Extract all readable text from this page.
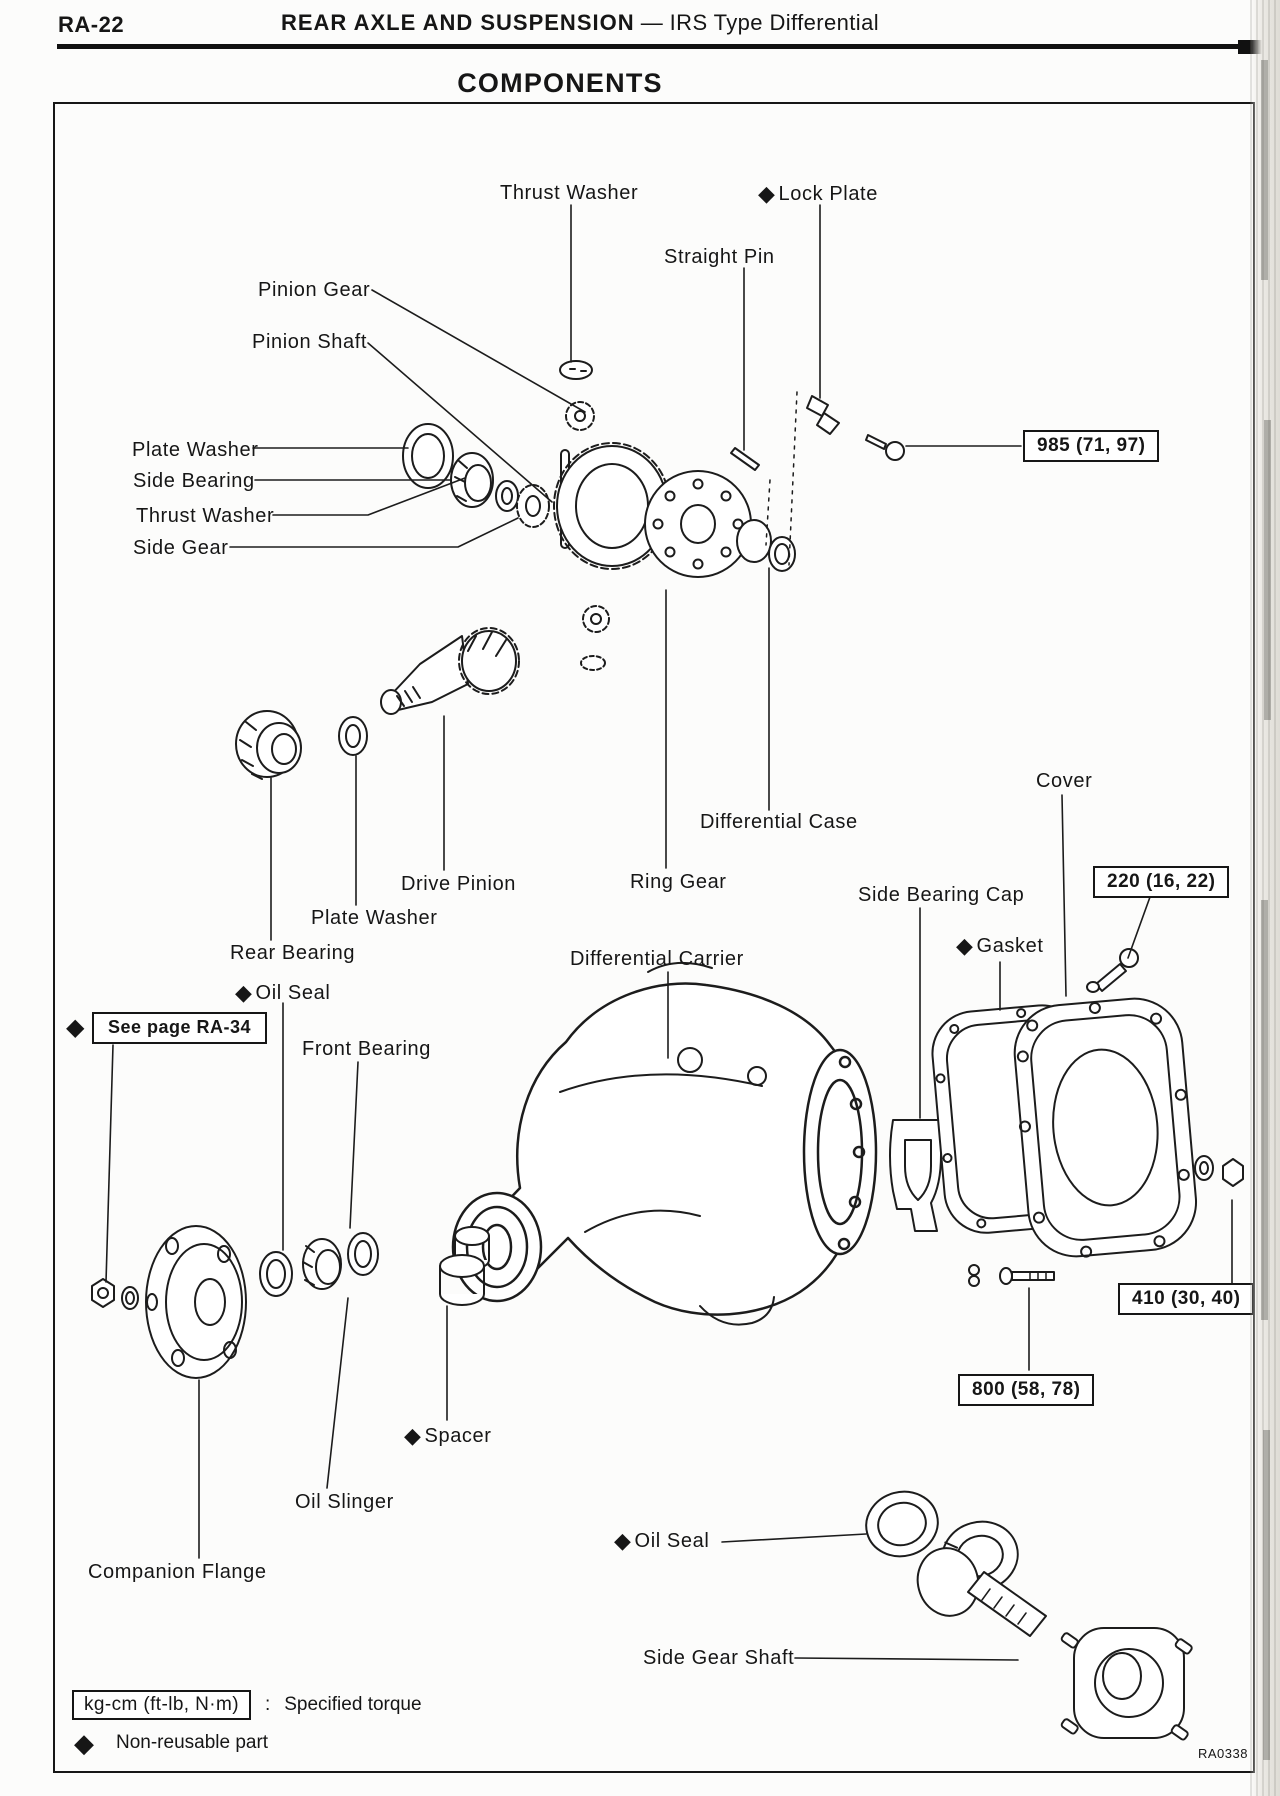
RA-22	REAR AXLE AND SUSPENSION — IRS Type Differential
COMPONENTS
Thrust Washer	◆ Lock Plate
Straight Pin
Pinion Gear
Pinion Shaft
Plate Washer
Side Bearing
Thrust Washer
Side Gear
985 (71, 97)
Cover
Differential Case
Ring Gear
Drive Pinion	Side Bearing Cap
220 (16, 22)
Plate Washer
◆ Gasket
Rear Bearing	Differential Carrier
◆ Oil Seal
◆	See page RA-34
Front Bearing
410 (30, 40)
800 (58, 78)
◆ Spacer
Oil Slinger
Companion Flange
◆ Oil Seal
Side Gear Shaft
kg-cm (ft-lb, N·m)	: Specified torque
◆ Non-reusable part
RA0338
